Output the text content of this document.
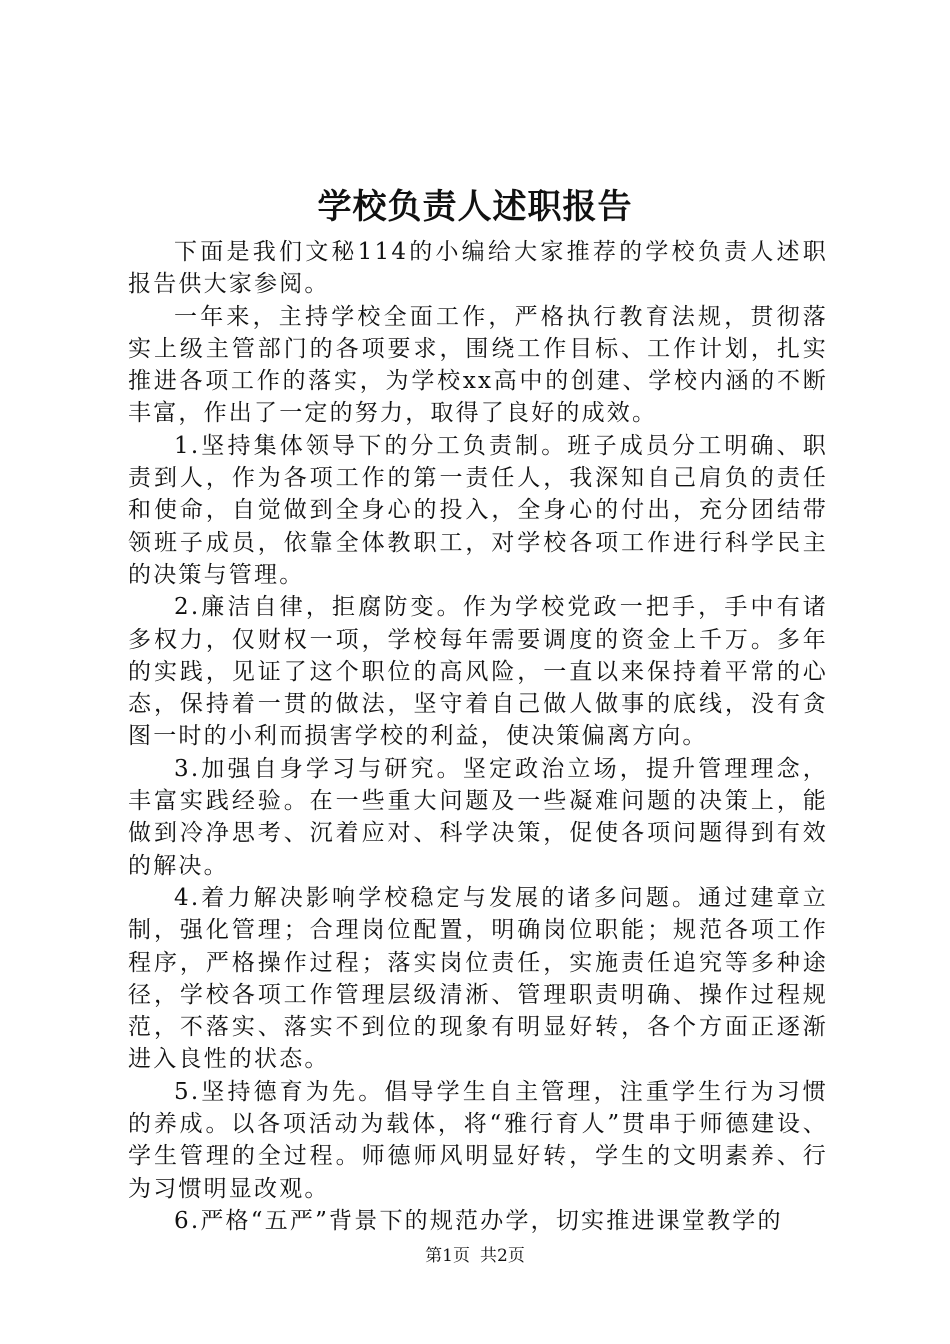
学校负责人述职报告

下面是我们文秘114的小编给大家推荐的学校负责人述职报告供大家参阅。

一年来，主持学校全面工作，严格执行教育法规，贯彻落实上级主管部门的各项要求，围绕工作目标、工作计划，扎实推进各项工作的落实，为学校xx高中的创建、学校内涵的不断丰富，作出了一定的努力，取得了良好的成效。

1.坚持集体领导下的分工负责制。班子成员分工明确、职责到人，作为各项工作的第一责任人，我深知自己肩负的责任和使命，自觉做到全身心的投入，全身心的付出，充分团结带领班子成员，依靠全体教职工，对学校各项工作进行科学民主的决策与管理。

2.廉洁自律，拒腐防变。作为学校党政一把手，手中有诸多权力，仅财权一项，学校每年需要调度的资金上千万。多年的实践，见证了这个职位的高风险，一直以来保持着平常的心态，保持着一贯的做法，坚守着自己做人做事的底线，没有贪图一时的小利而损害学校的利益，使决策偏离方向。

3.加强自身学习与研究。坚定政治立场，提升管理理念，丰富实践经验。在一些重大问题及一些凝难问题的决策上，能做到冷净思考、沉着应对、科学决策，促使各项问题得到有效的解决。

4.着力解决影响学校稳定与发展的诸多问题。通过建章立制，强化管理；合理岗位配置，明确岗位职能；规范各项工作程序，严格操作过程；落实岗位责任，实施责任追究等多种途径，学校各项工作管理层级清淅、管理职责明确、操作过程规范，不落实、落实不到位的现象有明显好转，各个方面正逐渐进入良性的状态。

5.坚持德育为先。倡导学生自主管理，注重学生行为习惯的养成。以各项活动为载体，将“雅行育人”贯串于师德建设、学生管理的全过程。师德师风明显好转，学生的文明素养、行为习惯明显改观。

6.严格“五严”背景下的规范办学，切实推进课堂教学的

第1页 共2页
